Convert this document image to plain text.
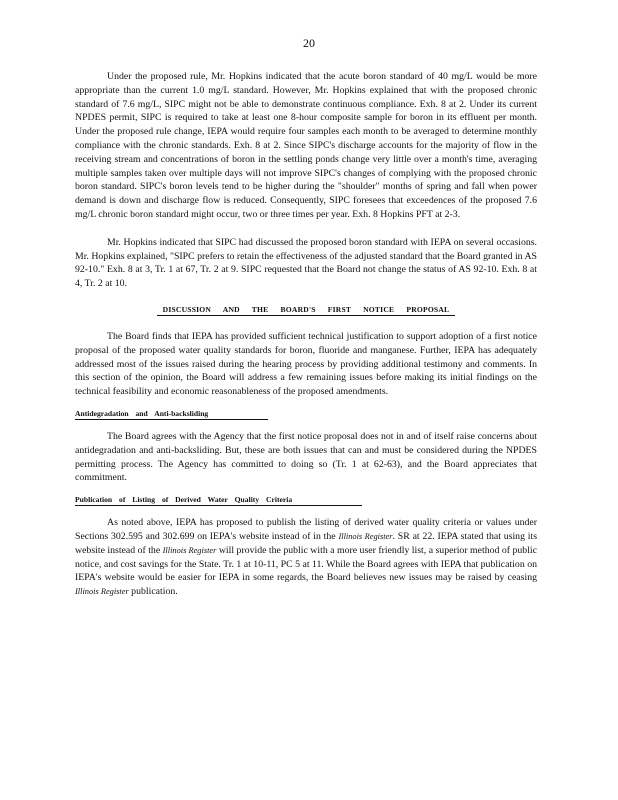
20

Under the proposed rule, Mr. Hopkins indicated that the acute boron standard of 40 mg/L would be more appropriate than the current 1.0 mg/L standard. However, Mr. Hopkins explained that with the proposed chronic standard of 7.6 mg/L, SIPC might not be able to demonstrate continuous compliance. Exh. 8 at 2. Under its current NPDES permit, SIPC is required to take at least one 8-hour composite sample for boron in its effluent per month. Under the proposed rule change, IEPA would require four samples each month to be averaged to determine monthly compliance with the chronic standards. Exh. 8 at 2. Since SIPC's discharge accounts for the majority of flow in the receiving stream and concentrations of boron in the settling ponds change very little over a month's time, averaging multiple samples taken over multiple days will not improve SIPC's changes of complying with the proposed chronic boron standard. SIPC's boron levels tend to be higher during the "shoulder" months of spring and fall when power demand is down and discharge flow is reduced. Consequently, SIPC foresees that exceedences of the proposed 7.6 mg/L chronic boron standard might occur, two or three times per year. Exh. 8 Hopkins PFT at 2-3.

Mr. Hopkins indicated that SIPC had discussed the proposed boron standard with IEPA on several occasions. Mr. Hopkins explained, "SIPC prefers to retain the effectiveness of the adjusted standard that the Board granted in AS 92-10." Exh. 8 at 3, Tr. 1 at 67, Tr. 2 at 9. SIPC requested that the Board not change the status of AS 92-10. Exh. 8 at 4, Tr. 2 at 10.

DISCUSSION AND THE BOARD'S FIRST NOTICE PROPOSAL

The Board finds that IEPA has provided sufficient technical justification to support adoption of a first notice proposal of the proposed water quality standards for boron, fluoride and manganese. Further, IEPA has adequately addressed most of the issues raised during the hearing process by providing additional testimony and comments. In this section of the opinion, the Board will address a few remaining issues before making its initial findings on the technical feasibility and economic reasonableness of the proposed amendments.

Antidegradation and Anti-backsliding

The Board agrees with the Agency that the first notice proposal does not in and of itself raise concerns about antidegradation and anti-backsliding. But, these are both issues that can and must be considered during the NPDES permitting process. The Agency has committed to doing so (Tr. 1 at 62-63), and the Board appreciates that commitment.

Publication of Listing of Derived Water Quality Criteria

As noted above, IEPA has proposed to publish the listing of derived water quality criteria or values under Sections 302.595 and 302.699 on IEPA's website instead of in the Illinois Register. SR at 22. IEPA stated that using its website instead of the Illinois Register will provide the public with a more user friendly list, a superior method of public notice, and cost savings for the State. Tr. 1 at 10-11, PC 5 at 11. While the Board agrees with IEPA that publication on IEPA's website would be easier for IEPA in some regards, the Board believes new issues may be raised by ceasing Illinois Register publication.
